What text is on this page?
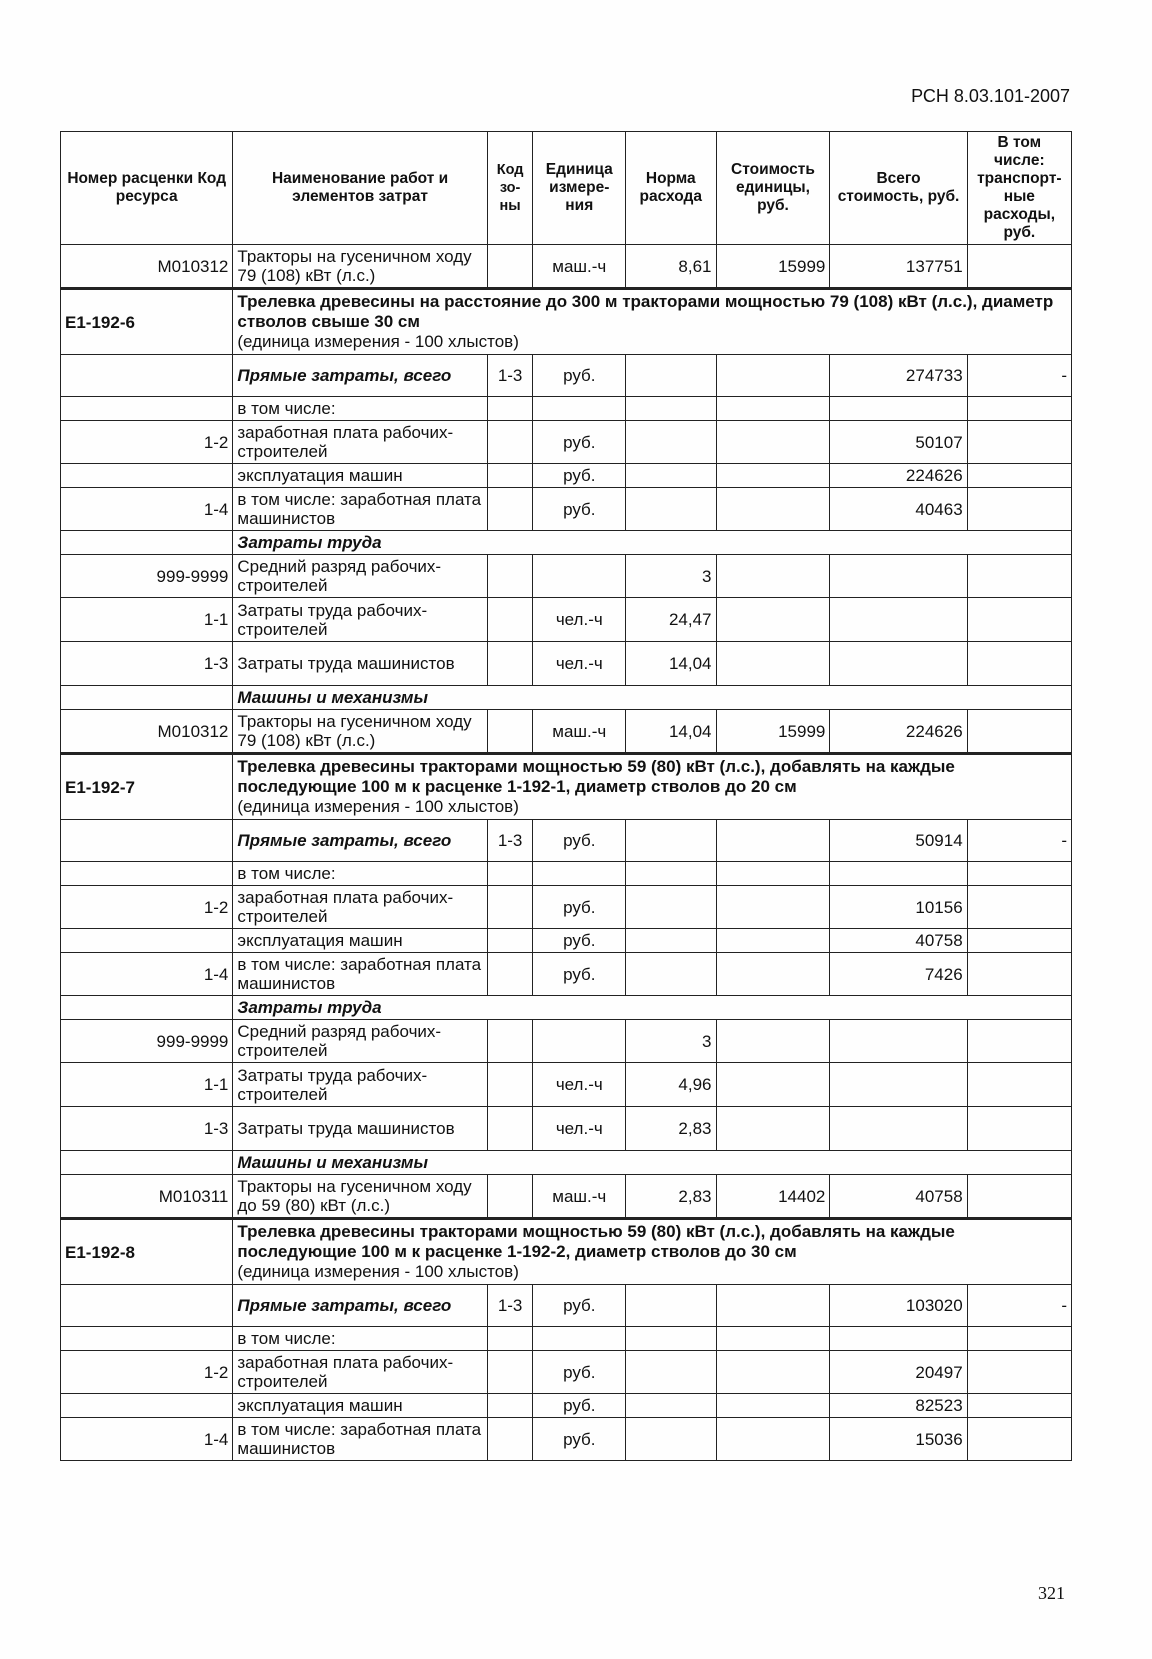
РСН 8.03.101-2007
Номер расценки Код ресурса	Наименование работ и элементов затрат	Код зо-ны	Единица измере-ния	Норма расхода	Стоимость единицы, руб.	Всего стоимость, руб.	В том числе: транспорт-ные расходы, руб.
М010312	Тракторы на гусеничном ходу 79 (108) кВт (л.с.)		маш.-ч	8,61	15999	137751	
Е1-192-6	Трелевка древесины на расстояние до 300 м тракторами мощностью 79 (108) кВт (л.с.), диаметр стволов свыше 30 см
(единица измерения - 100 хлыстов)						
	Прямые затраты, всего	1-3	руб.			274733	-
	в том числе:						
1-2	заработная плата рабочих-строителей		руб.			50107	
	эксплуатация машин		руб.			224626	
1-4	в том числе: заработная плата машинистов		руб.			40463	
	Затраты труда						
999-9999	Средний разряд рабочих-строителей			3			
1-1	Затраты труда рабочих-строителей		чел.-ч	24,47			
1-3	Затраты труда машинистов		чел.-ч	14,04			
	Машины и механизмы						
М010312	Тракторы на гусеничном ходу 79 (108) кВт (л.с.)		маш.-ч	14,04	15999	224626	
Е1-192-7	Трелевка древесины тракторами мощностью 59 (80) кВт (л.с.), добавлять на каждые последующие 100 м к расценке 1-192-1, диаметр стволов до 20 см
(единица измерения - 100 хлыстов)						
	Прямые затраты, всего	1-3	руб.			50914	-
	в том числе:						
1-2	заработная плата рабочих-строителей		руб.			10156	
	эксплуатация машин		руб.			40758	
1-4	в том числе: заработная плата машинистов		руб.			7426	
	Затраты труда						
999-9999	Средний разряд рабочих-строителей			3			
1-1	Затраты труда рабочих-строителей		чел.-ч	4,96			
1-3	Затраты труда машинистов		чел.-ч	2,83			
	Машины и механизмы						
М010311	Тракторы на гусеничном ходу до 59 (80) кВт (л.с.)		маш.-ч	2,83	14402	40758	
Е1-192-8	Трелевка древесины тракторами мощностью 59 (80) кВт (л.с.), добавлять на каждые последующие 100 м к расценке 1-192-2, диаметр стволов до 30 см
(единица измерения - 100 хлыстов)						
	Прямые затраты, всего	1-3	руб.			103020	-
	в том числе:						
1-2	заработная плата рабочих-строителей		руб.			20497	
	эксплуатация машин		руб.			82523	
1-4	в том числе: заработная плата машинистов		руб.			15036	
321
